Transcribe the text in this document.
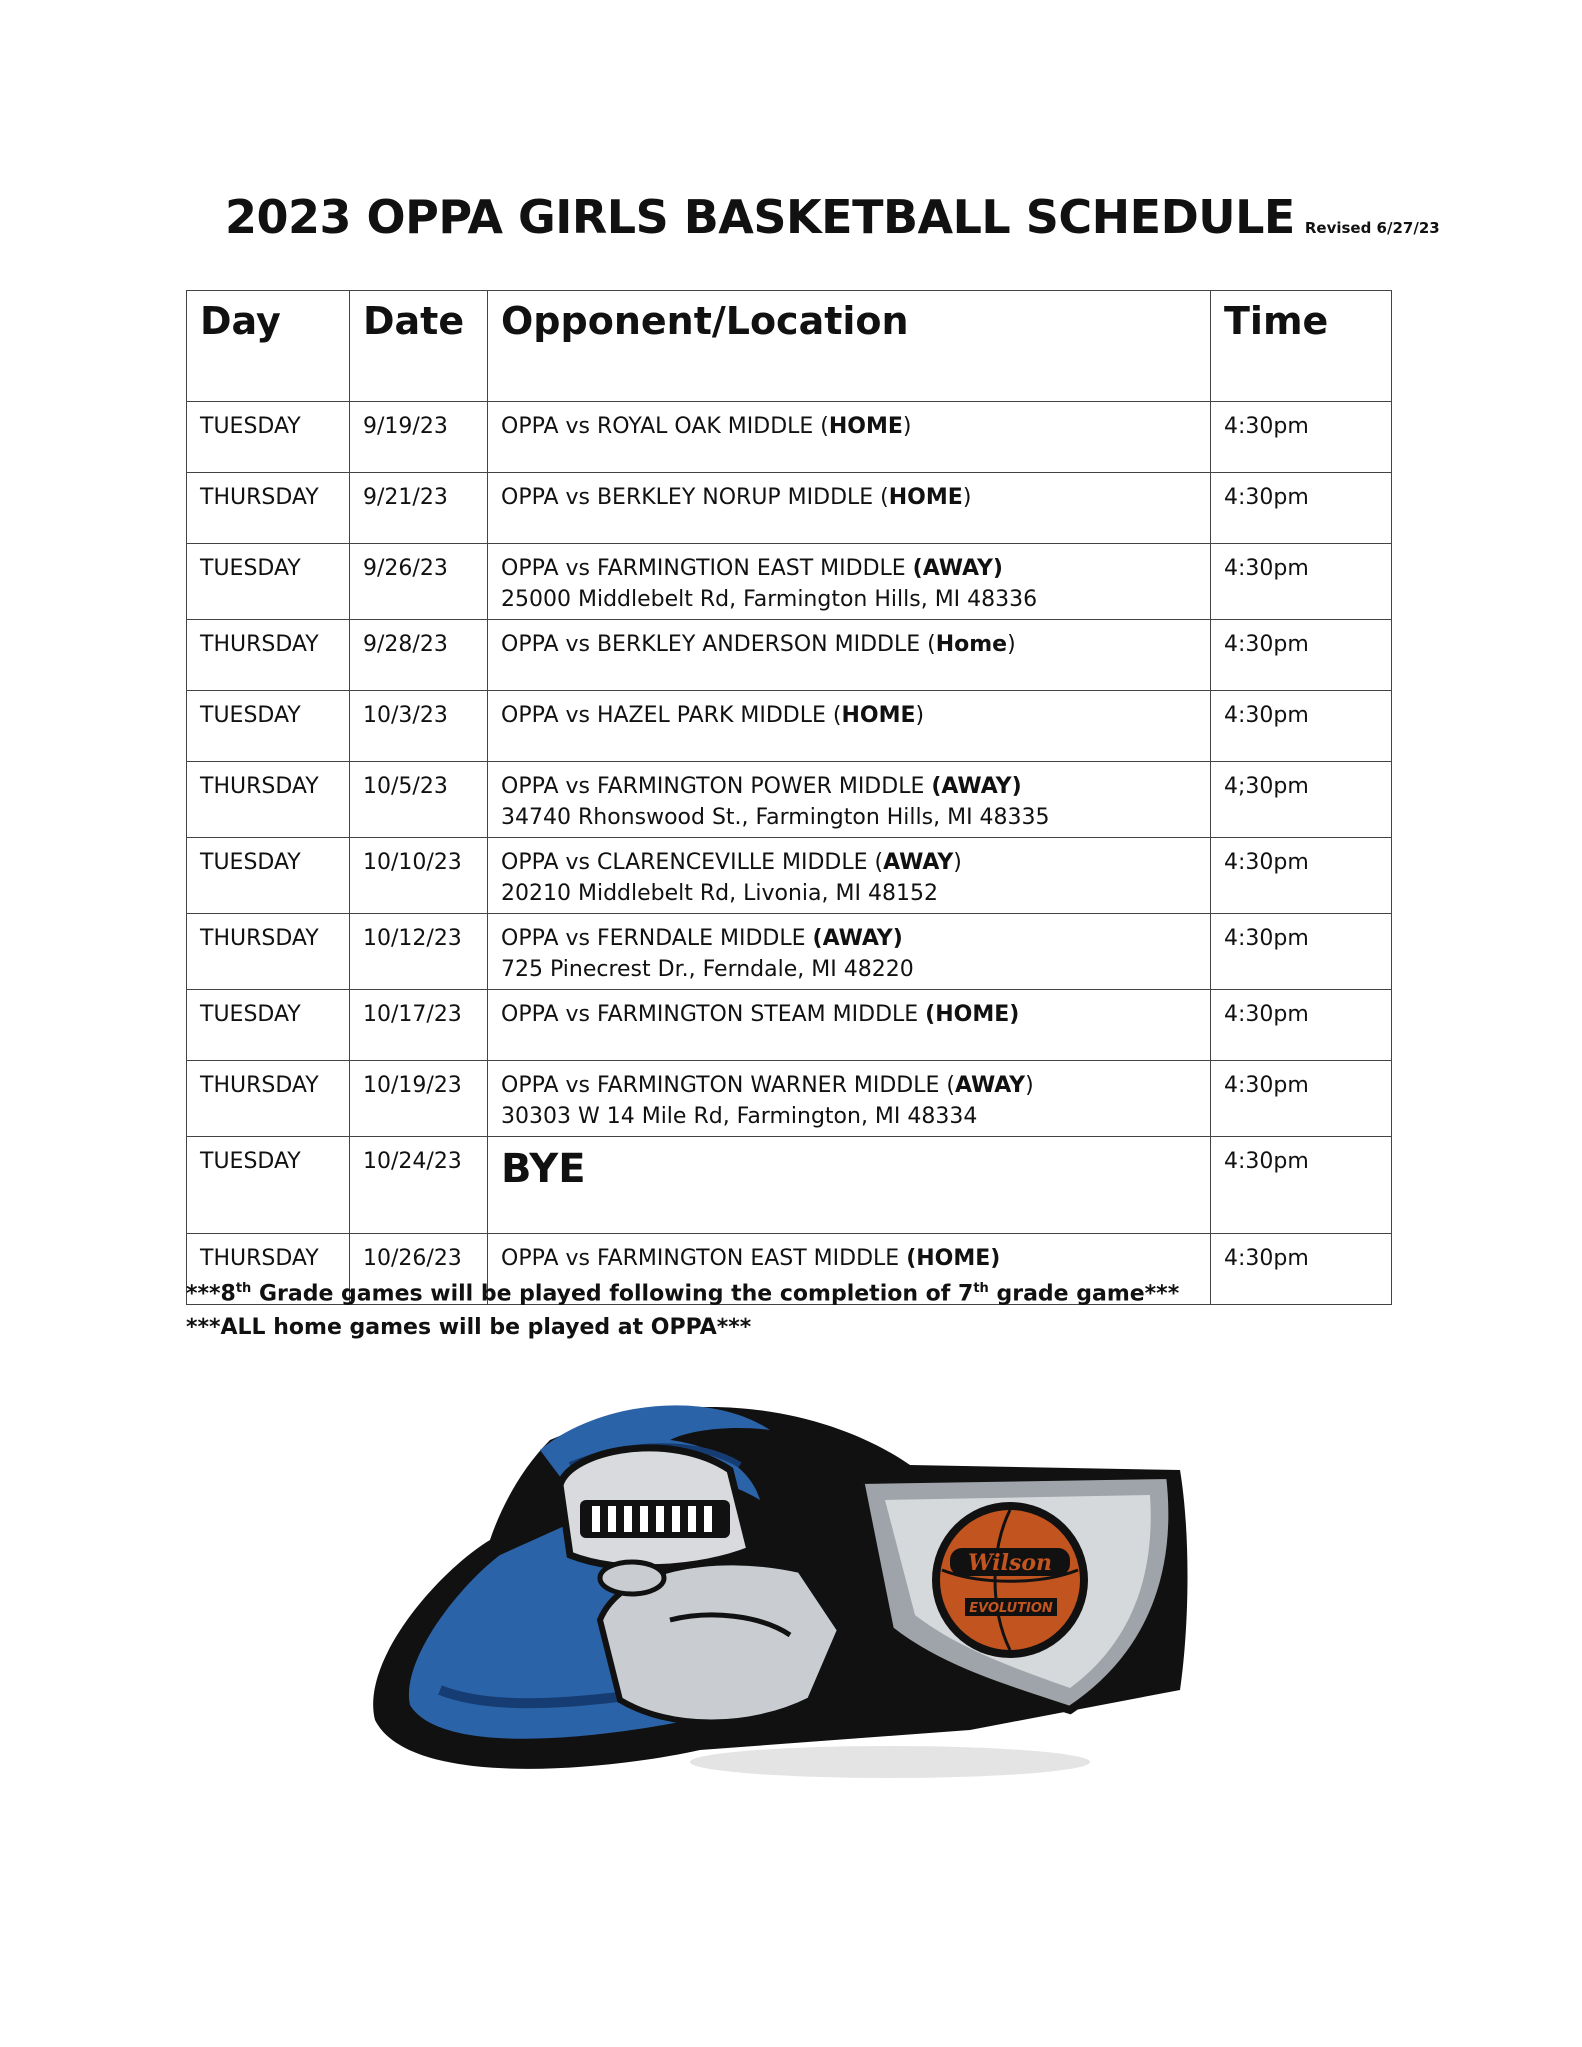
2023 OPPA GIRLS BASKETBALL SCHEDULE Revised 6/27/23
Day	Date	Opponent/Location	Time
TUESDAY	9/19/23	OPPA vs ROYAL OAK MIDDLE (HOME)	4:30pm
THURSDAY	9/21/23	OPPA vs BERKLEY NORUP MIDDLE (HOME)	4:30pm
TUESDAY	9/26/23	OPPA vs FARMINGTION EAST MIDDLE (AWAY)
25000 Middlebelt Rd, Farmington Hills, MI 48336	4:30pm
THURSDAY	9/28/23	OPPA vs BERKLEY ANDERSON MIDDLE (Home)	4:30pm
TUESDAY	10/3/23	OPPA vs HAZEL PARK MIDDLE (HOME)	4:30pm
THURSDAY	10/5/23	OPPA vs FARMINGTON POWER MIDDLE (AWAY)
34740 Rhonswood St., Farmington Hills, MI 48335	4;30pm
TUESDAY	10/10/23	OPPA vs CLARENCEVILLE MIDDLE (AWAY)
20210 Middlebelt Rd, Livonia, MI 48152	4:30pm
THURSDAY	10/12/23	OPPA vs FERNDALE MIDDLE (AWAY)
725 Pinecrest Dr., Ferndale, MI 48220	4:30pm
TUESDAY	10/17/23	OPPA vs FARMINGTON STEAM MIDDLE (HOME)	4:30pm
THURSDAY	10/19/23	OPPA vs FARMINGTON WARNER MIDDLE (AWAY)
30303 W 14 Mile Rd, Farmington, MI 48334	4:30pm
TUESDAY	10/24/23	BYE	4:30pm
THURSDAY	10/26/23	OPPA vs FARMINGTON EAST MIDDLE (HOME)	4:30pm
***8th Grade games will be played following the completion of 7th grade game***
***ALL home games will be played at OPPA***
Wilson
EVOLUTION
